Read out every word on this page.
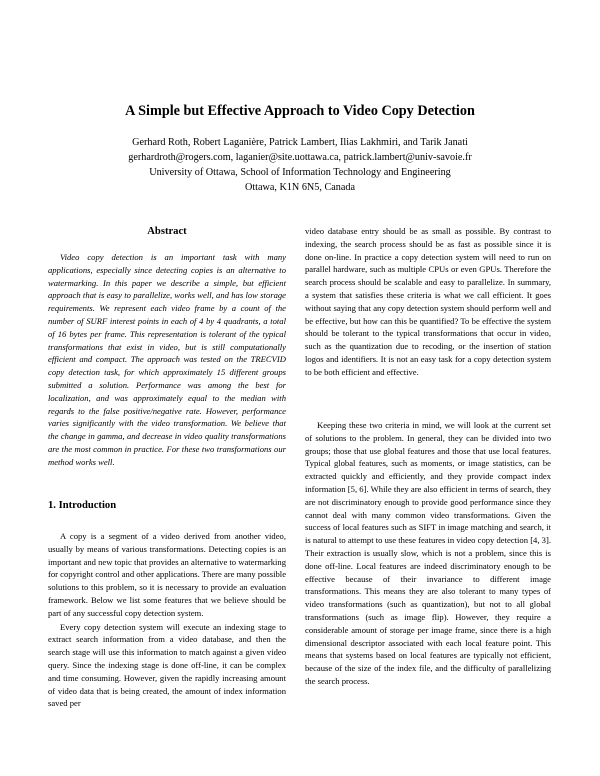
A Simple but Effective Approach to Video Copy Detection
Gerhard Roth, Robert Laganière, Patrick Lambert, Ilias Lakhmiri, and Tarik Janati
gerhardroth@rogers.com, laganier@site.uottawa.ca, patrick.lambert@univ-savoie.fr
University of Ottawa, School of Information Technology and Engineering
Ottawa, K1N 6N5, Canada
Abstract

Video copy detection is an important task with many applications, especially since detecting copies is an alternative to watermarking. In this paper we describe a simple, but efficient approach that is easy to parallelize, works well, and has low storage requirements. We represent each video frame by a count of the number of SURF interest points in each of 4 by 4 quadrants, a total of 16 bytes per frame. This representation is tolerant of the typical transformations that exist in video, but is still computationally efficient and compact. The approach was tested on the TRECVID copy detection task, for which approximately 15 different groups submitted a solution. Performance was among the best for localization, and was approximately equal to the median with regards to the false positive/negative rate. However, performance varies significantly with the video transformation. We believe that the change in gamma, and decrease in video quality transformations are the most common in practice. For these two transformations our method works well.

1. Introduction

A copy is a segment of a video derived from another video, usually by means of various transformations. Detecting copies is an important and new topic that provides an alternative to watermarking for copyright control and other applications. There are many possible solutions to this problem, so it is necessary to provide an evaluation framework. Below we list some features that we believe should be part of any successful copy detection system.

Every copy detection system will execute an indexing stage to extract search information from a video database, and then the search stage will use this information to match against a given video query. Since the indexing stage is done off-line, it can be complex and time consuming. However, given the rapidly increasing amount of video data that is being created, the amount of index information saved per

video database entry should be as small as possible. By contrast to indexing, the search process should be as fast as possible since it is done on-line. In practice a copy detection system will need to run on parallel hardware, such as multiple CPUs or even GPUs. Therefore the search process should be scalable and easy to parallelize. In summary, a system that satisfies these criteria is what we call efficient. It goes without saying that any copy detection system should perform well and be effective, but how can this be quantified? To be effective the system should be tolerant to the typical transformations that occur in video, such as the quantization due to recoding, or the insertion of station logos and identifiers. It is not an easy task for a copy detection system to be both efficient and effective.

Keeping these two criteria in mind, we will look at the current set of solutions to the problem. In general, they can be divided into two groups; those that use global features and those that use local features. Typical global features, such as moments, or image statistics, can be extracted quickly and efficiently, and they provide compact index information [5, 6]. While they are also efficient in terms of search, they are not discriminatory enough to provide good performance since they cannot deal with many common video transformations. Given the success of local features such as SIFT in image matching and search, it is natural to attempt to use these features in video copy detection [4, 3]. Their extraction is usually slow, which is not a problem, since this is done off-line. Local features are indeed discriminatory enough to be effective because of their invariance to different image transformations. This means they are also tolerant to many types of video transformations (such as quantization), but not to all global transformations (such as image flip). However, they require a considerable amount of storage per image frame, since there is a high dimensional descriptor associated with each local feature point. This means that systems based on local features are typically not efficient, because of the size of the index file, and the difficulty of parallelizing the search process.
